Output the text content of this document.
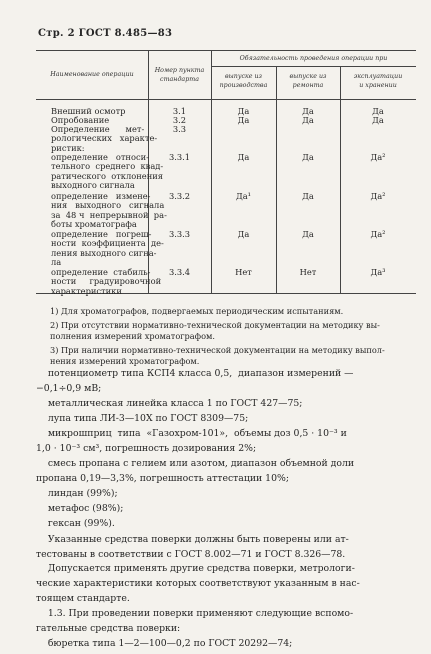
Стр. 2 ГОСТ 8.485—83
Наименование операции
Номер пункта
стандарта
Обязательность проведения операции при
выпуске из
производства
выпуске из
ремонта
эксплуатации
и хранении
Внешний осмотр	3.1	Да	Да	Да
Опробование	3.2	Да	Да	Да
Определение      мет-
рологических   характе-
ристик:
3.3
определение   относи-
тельного  среднего  квад-
ратического  отклонения
выходного сигнала
3.3.1	Да	Да	Да²
определение   измене-
ния   выходного   сигнала
за  48 ч  непрерывной  ра-
боты хроматографа
3.3.2	Да¹	Да	Да²
определение   погреш-
ности  коэффициента  де-
ления выходного сигна-
ла
3.3.3	Да	Да	Да²
определение  стабиль-
ности     градуировочной
характеристики
3.3.4	Нет	Нет	Да³
1) Для хроматографов, подвергаемых периодическим испытаниям.
2) При отсутствии нормативно-технической документации на методику вы-
полнения измерений хроматографом.
3) При наличии нормативно-технической документации на методику выпол-
нения измерений хроматографом.
потенциометр типа КСП4 класса 0,5,  диапазон измерений —
−0,1÷0,9 мВ;
металлическая линейка класса 1 по ГОСТ 427—75;
лупа типа ЛИ-3—10Х по ГОСТ 8309—75;
микрошприц  типа  «Газохром-101»,  объемы доз 0,5 · 10⁻³ и
1,0 · 10⁻³ см³, погрешность дозирования 2%;
смесь пропана с гелием или азотом, диапазон объемной доли
пропана 0,19—3,3%, погрешность аттестации 10%;
линдан (99%);
метафос (98%);
гексан (99%).
Указанные средства поверки должны быть поверены или ат-
тестованы в соответствии с ГОСТ 8.002—71 и ГОСТ 8.326—78.
Допускается применять другие средства поверки, метрологи-
ческие характеристики которых соответствуют указанным в нас-
тоящем стандарте.
1.3. При проведении поверки применяют следующие вспомо-
гательные средства поверки:
бюретка типа 1—2—100—0,2 по ГОСТ 20292—74;
